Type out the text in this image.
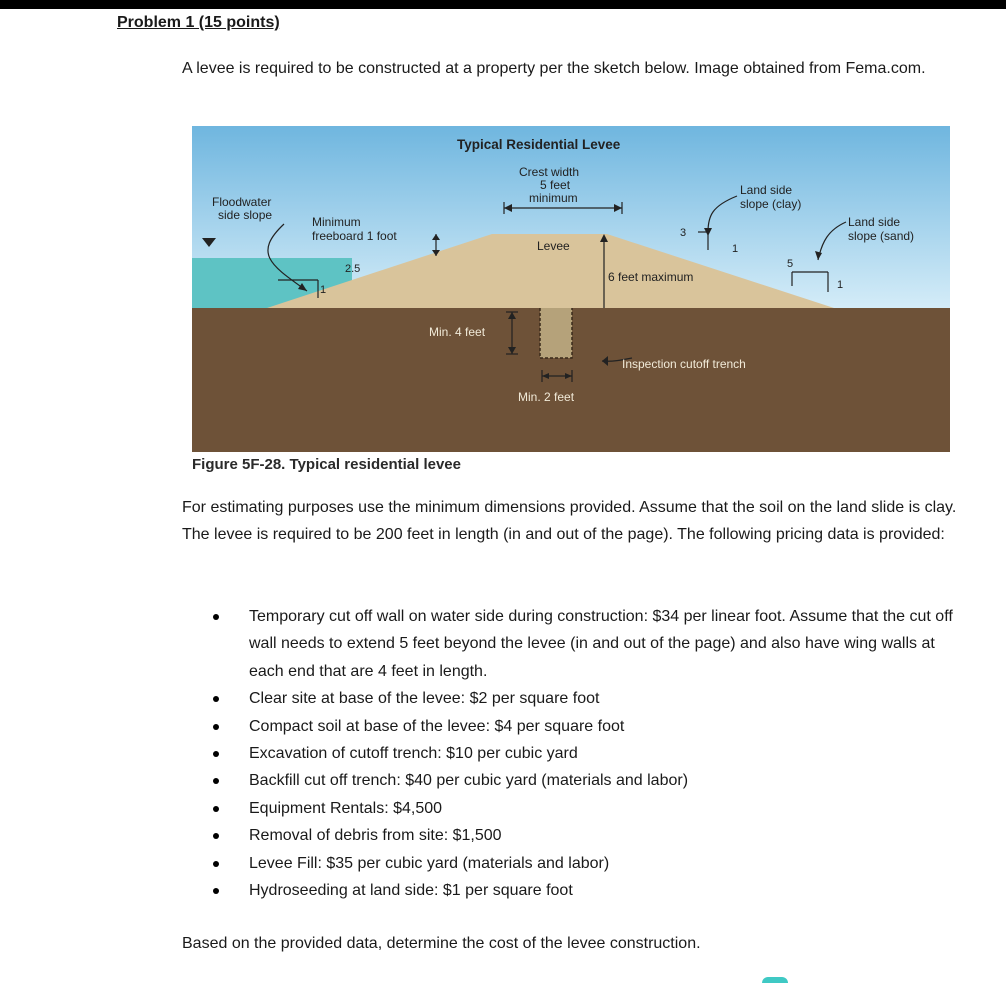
Problem 1 (15 points)

A levee is required to be constructed at a property per the sketch below. Image obtained from Fema.com.

Typical Residential Levee
Crest width
5 feet
minimum
Floodwater
side slope	Minimum
freeboard 1 foot
2.5
1
Levee
6 feet maximum
Land side
slope (clay)
3
1
Land side
slope (sand)
5
1
Min. 4 feet
Inspection cutoff trench
Min. 2 feet
Figure 5F-28. Typical residential levee

For estimating purposes use the minimum dimensions provided. Assume that the soil on the land slide is clay. The levee is required to be 200 feet in length (in and out of the page). The following pricing data is provided:

Temporary cut off wall on water side during construction: $34 per linear foot. Assume that the cut off wall needs to extend 5 feet beyond the levee (in and out of the page) and also have wing walls at each end that are 4 feet in length.
Clear site at base of the levee: $2 per square foot
Compact soil at base of the levee: $4 per square foot
Excavation of cutoff trench: $10 per cubic yard
Backfill cut off trench: $40 per cubic yard (materials and labor)
Equipment Rentals: $4,500
Removal of debris from site: $1,500
Levee Fill: $35 per cubic yard (materials and labor)
Hydroseeding at land side: $1 per square foot

Based on the provided data, determine the cost of the levee construction.
